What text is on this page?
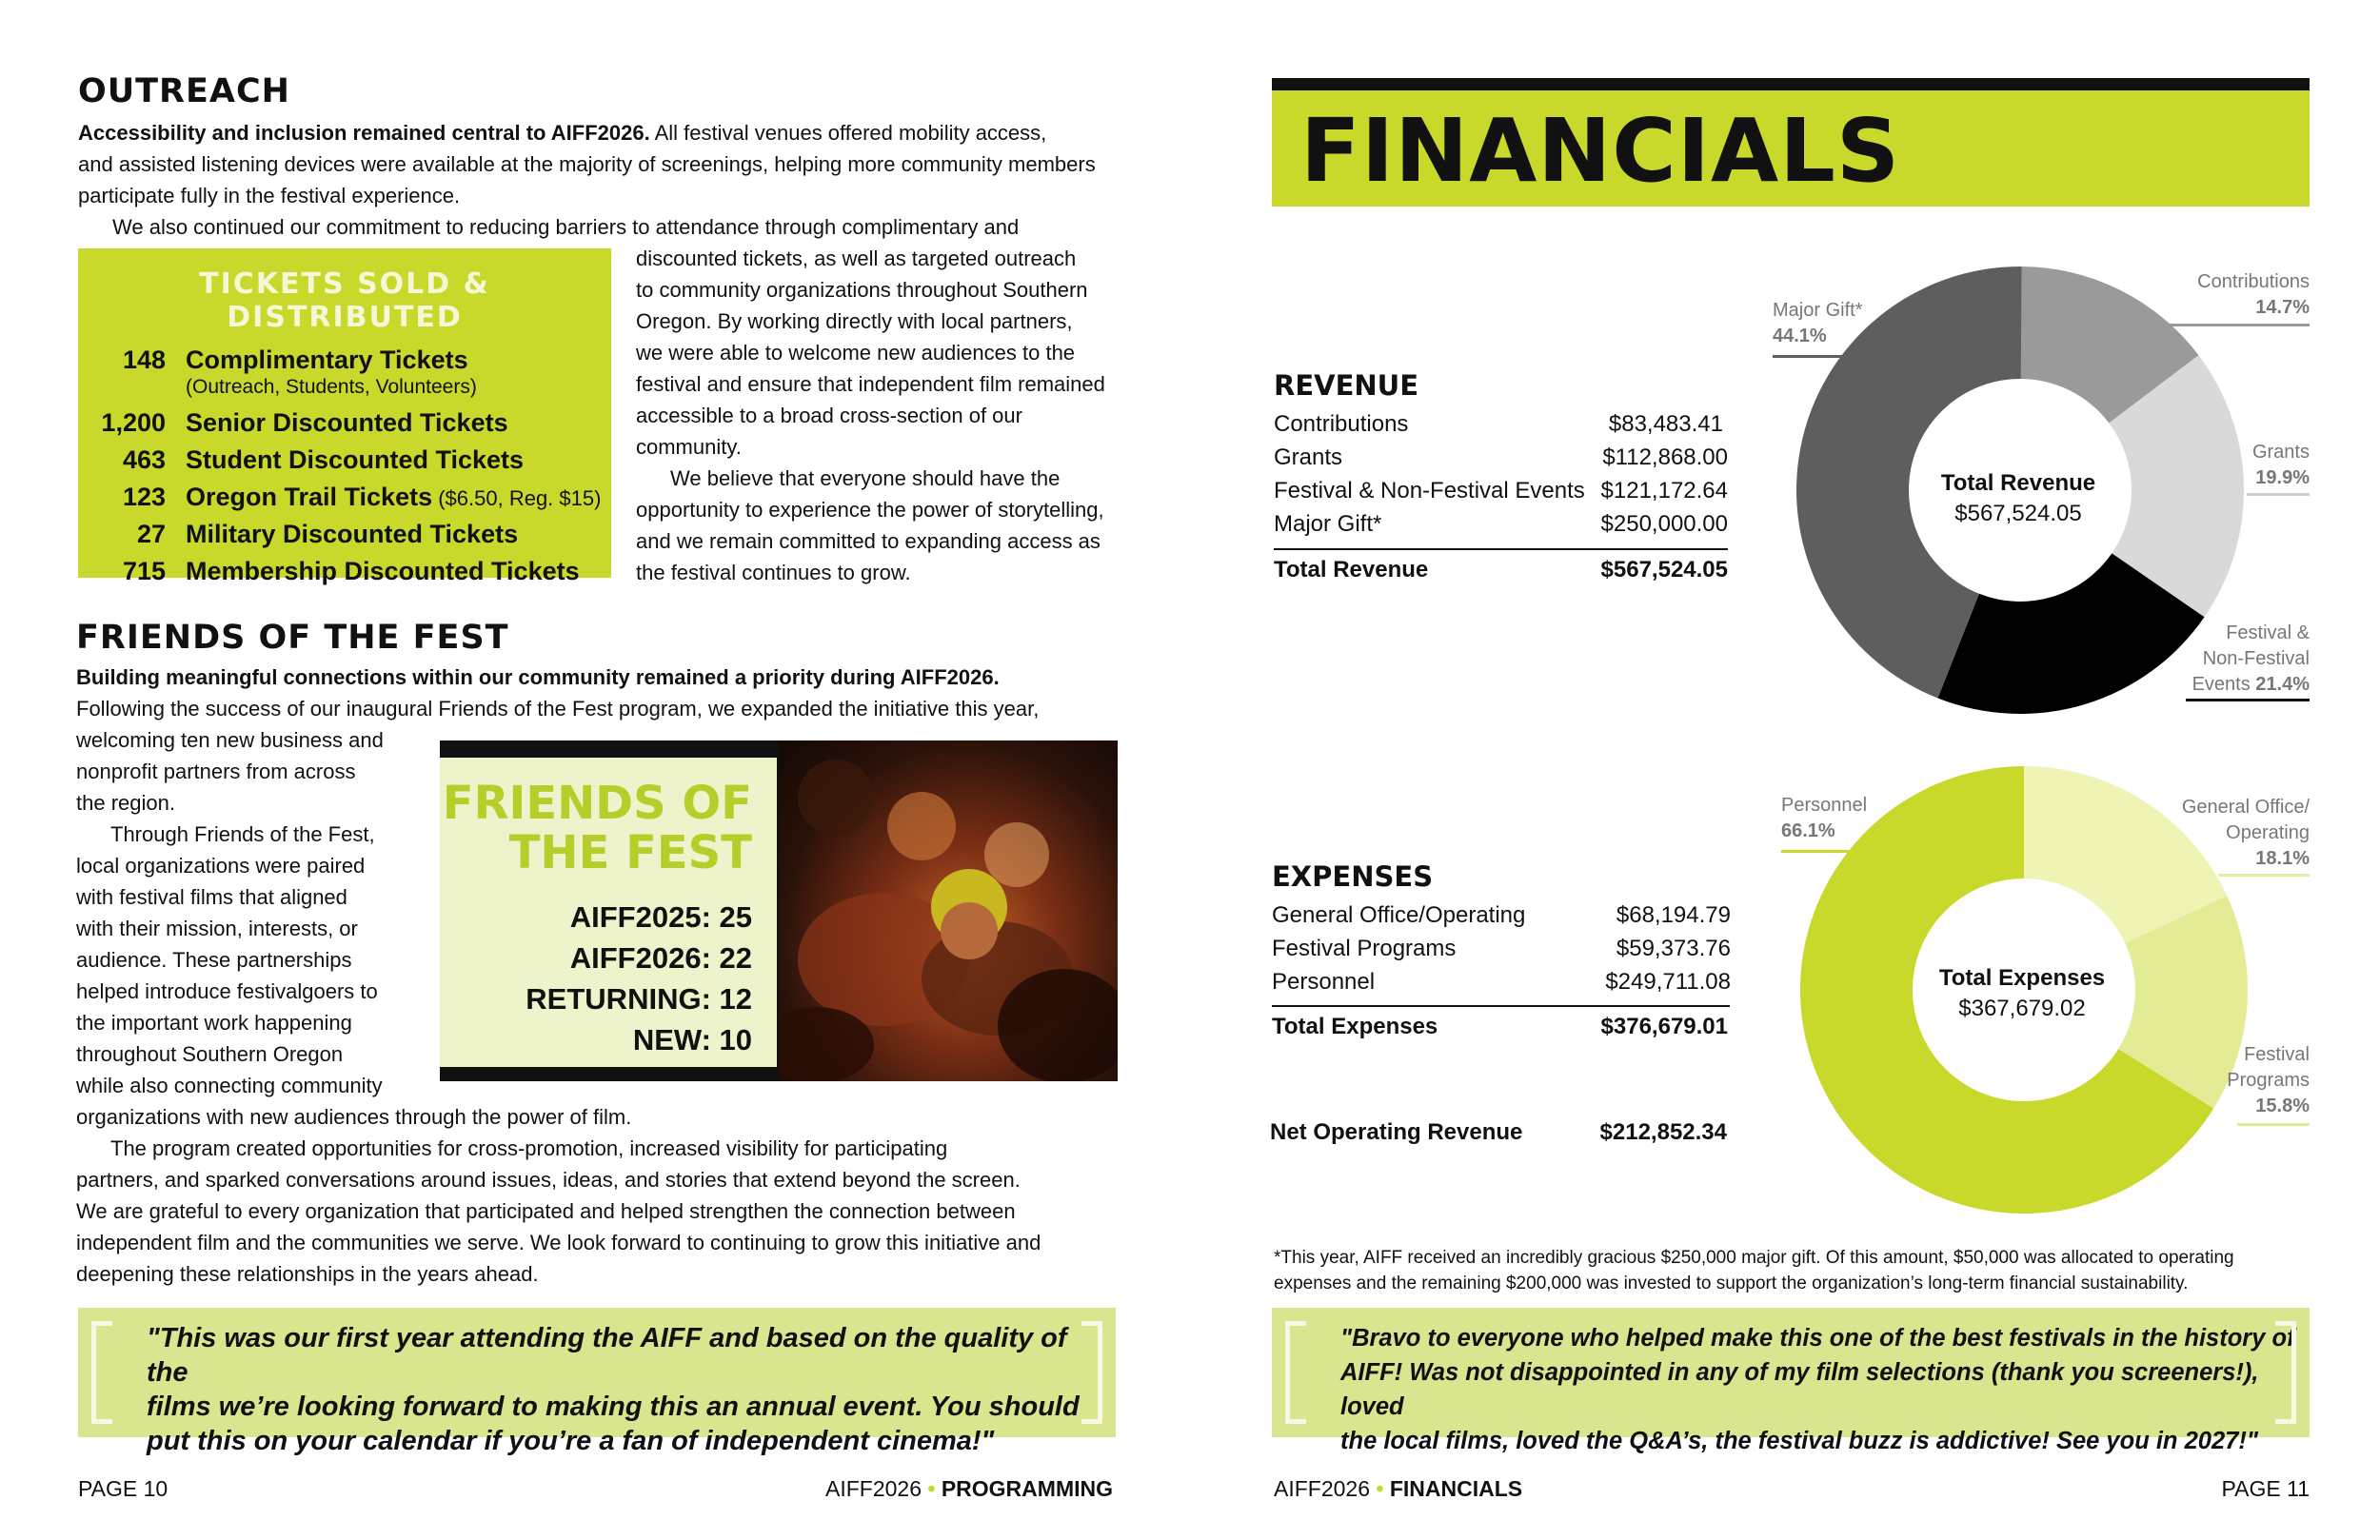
OUTREACH
Accessibility and inclusion remained central to AIFF2026. All festival venues offered mobility access,
and assisted listening devices were available at the majority of screenings, helping more community members
participate fully in the festival experience.
We also continued our commitment to reducing barriers to attendance through complimentary and
discounted tickets, as well as targeted outreach
to community organizations throughout Southern
Oregon. By working directly with local partners,
we were able to welcome new audiences to the
festival and ensure that independent film remained
accessible to a broad cross-section of our
community.
We believe that everyone should have the
opportunity to experience the power of storytelling,
and we remain committed to expanding access as
the festival continues to grow.
TICKETS SOLD & DISTRIBUTED
148 Complimentary Tickets
(Outreach, Students, Volunteers)
1,200 Senior Discounted Tickets
463 Student Discounted Tickets
123 Oregon Trail Tickets ($6.50, Reg. $15)
27 Military Discounted Tickets
715 Membership Discounted Tickets
FRIENDS OF THE FEST
Building meaningful connections within our community remained a priority during AIFF2026.
Following the success of our inaugural Friends of the Fest program, we expanded the initiative this year,
welcoming ten new business and
nonprofit partners from across
the region.
Through Friends of the Fest,
local organizations were paired
with festival films that aligned
with their mission, interests, or
audience. These partnerships
helped introduce festivalgoers to
the important work happening
throughout Southern Oregon
while also connecting community
organizations with new audiences through the power of film.
The program created opportunities for cross-promotion, increased visibility for participating
partners, and sparked conversations around issues, ideas, and stories that extend beyond the screen.
We are grateful to every organization that participated and helped strengthen the connection between
independent film and the communities we serve. We look forward to continuing to grow this initiative and
deepening these relationships in the years ahead.
FRIENDS OF
THE FEST
AIFF2025: 25
AIFF2026: 22
RETURNING: 12
NEW: 10
"This was our first year attending the AIFF and based on the quality of the
films we’re looking forward to making this an annual event. You should
put this on your calendar if you’re a fan of independent cinema!"
PAGE 10	AIFF2026 • PROGRAMMING
FINANCIALS
REVENUE
Contributions	$83,483.41
Grants	$112,868.00
Festival & Non-Festival Events $121,172.64
Major Gift*	$250,000.00
Total Revenue	$567,524.05
EXPENSES
General Office/Operating	$68,194.79
Festival Programs	$59,373.76
Personnel	$249,711.08
Total Expenses	$376,679.01
Net Operating Revenue	$212,852.34
Total Revenue
$567,524.05
Total Expenses
$367,679.02
Major Gift*
44.1%
Contributions
14.7%
Grants
19.9%
Festival &
Non-Festival
Events 21.4%
Personnel
66.1%
General Office/
Operating
18.1%
Festival
Programs
15.8%
*This year, AIFF received an incredibly gracious $250,000 major gift. Of this amount, $50,000 was allocated to operating
expenses and the remaining $200,000 was invested to support the organization’s long-term financial sustainability.
"Bravo to everyone who helped make this one of the best festivals in the history of
AIFF! Was not disappointed in any of my film selections (thank you screeners!), loved
the local films, loved the Q&A’s, the festival buzz is addictive! See you in 2027!"
AIFF2026 • FINANCIALS	PAGE 11
